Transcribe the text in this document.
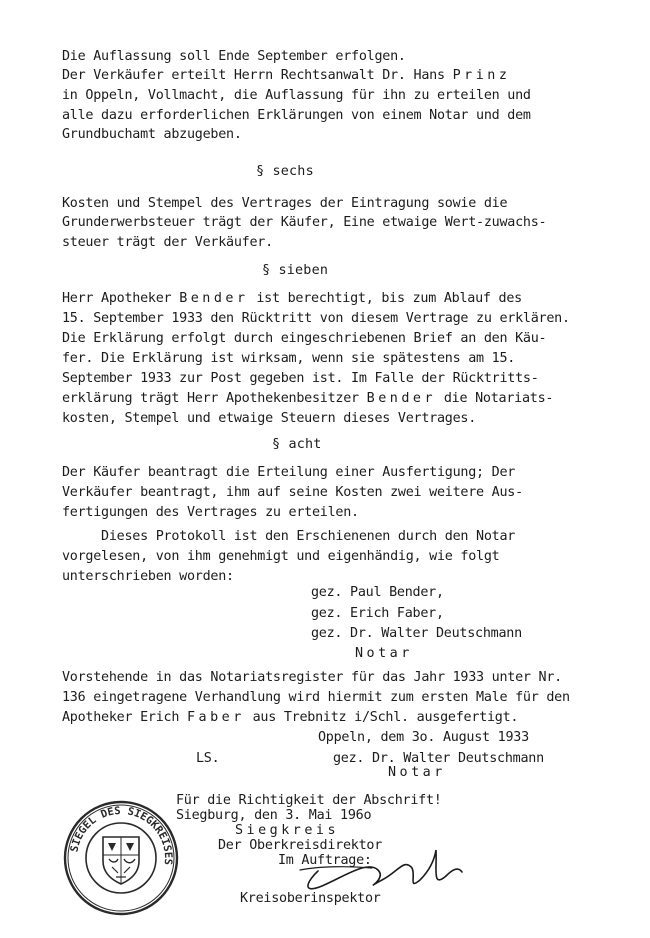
Die Auflassung soll Ende September erfolgen.
Der Verkäufer erteilt Herrn Rechtsanwalt Dr. Hans Prinz
in Oppeln, Vollmacht, die Auflassung für ihn zu erteilen und
alle dazu erforderlichen Erklärungen von einem Notar und dem
Grundbuchamt abzugeben.
§ sechs
Kosten und Stempel des Vertrages der Eintragung sowie die
Grunderwerbsteuer trägt der Käufer, Eine etwaige Wert-zuwachs-
steuer trägt der Verkäufer.
§ sieben
Herr Apotheker Bender ist berechtigt, bis zum Ablauf des
15. September 1933 den Rücktritt von diesem Vertrage zu erklären.
Die Erklärung erfolgt durch eingeschriebenen Brief an den Käu-
fer. Die Erklärung ist wirksam, wenn sie spätestens am 15.
September 1933 zur Post gegeben ist. Im Falle der Rücktritts-
erklärung trägt Herr Apothekenbesitzer Bender die Notariats-
kosten, Stempel und etwaige Steuern dieses Vertrages.
§ acht
Der Käufer beantragt die Erteilung einer Ausfertigung; Der
Verkäufer beantragt, ihm auf seine Kosten zwei weitere Aus-
fertigungen des Vertrages zu erteilen.
Dieses Protokoll ist den Erschienenen durch den Notar
vorgelesen, von ihm genehmigt und eigenhändig, wie folgt
unterschrieben worden:
gez. Paul Bender,
gez. Erich Faber,
gez. Dr. Walter Deutschmann
Notar
Vorstehende in das Notariatsregister für das Jahr 1933 unter Nr.
136 eingetragene Verhandlung wird hiermit zum ersten Male für den
Apotheker Erich Faber aus Trebnitz i/Schl. ausgefertigt.
Oppeln, dem 3o. August 1933
LS.	gez. Dr. Walter Deutschmann
Notar
Für die Richtigkeit der Abschrift!
Siegburg, den 3. Mai 196o
Siegkreis
Der Oberkreisdirektor
Im Auftrage:
Kreisoberinspektor
SIEGEL DES SIEGKREISES
